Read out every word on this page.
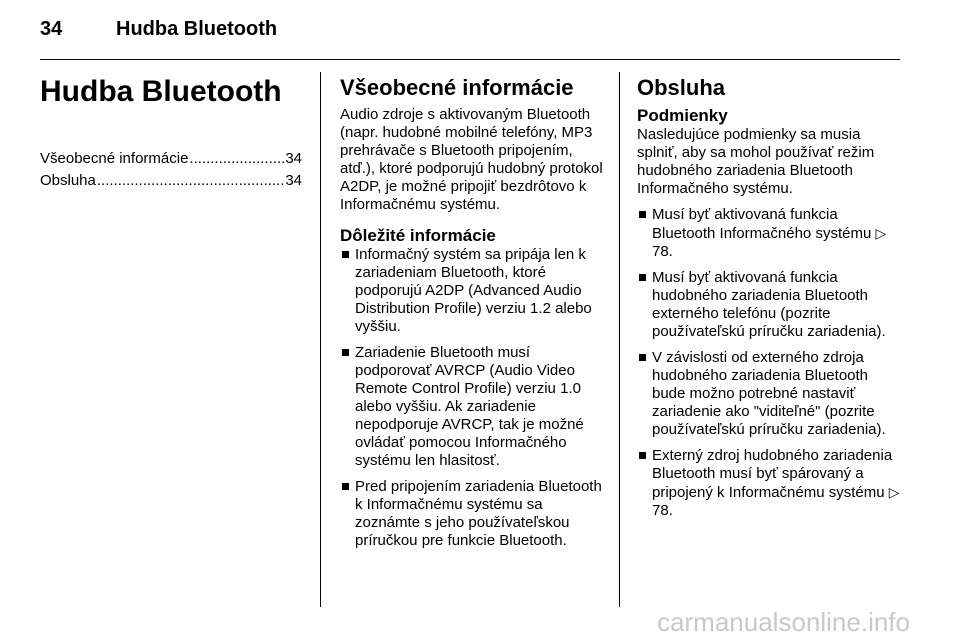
34	Hudba Bluetooth
Hudba Bluetooth
Všeobecné informácie .....	34
Obsluha .....	34
Všeobecné informácie

Audio zdroje s aktivovaným Bluetooth (napr. hudobné mobilné telefóny, MP3 prehrávače s Bluetooth pripojením, atď.), ktoré podporujú hudobný protokol A2DP, je možné pripojiť bezdrôtovo k Informačnému systému.

Dôležité informácie
Informačný systém sa pripája len k zariadeniam Bluetooth, ktoré podporujú A2DP (Advanced Audio Distribution Profile) verziu 1.2 alebo vyššiu.
Zariadenie Bluetooth musí podporovať AVRCP (Audio Video Remote Control Profile) verziu 1.0 alebo vyššiu. Ak zariadenie nepodporuje AVRCP, tak je možné ovládať pomocou Informačného systému len hlasitosť.
Pred pripojením zariadenia Bluetooth k Informačnému systému sa zoznámte s jeho používateľskou príručkou pre funkcie Bluetooth.
Obsluha
Podmienky

Nasledujúce podmienky sa musia splniť, aby sa mohol používať režim hudobného zariadenia Bluetooth Informačného systému.

Musí byť aktivovaná funkcia Bluetooth Informačného systému ▷ 78.
Musí byť aktivovaná funkcia hudobného zariadenia Bluetooth externého telefónu (pozrite používateľskú príručku zariadenia).
V závislosti od externého zdroja hudobného zariadenia Bluetooth bude možno potrebné nastaviť zariadenie ako "viditeľné" (pozrite používateľskú príručku zariadenia).
Externý zdroj hudobného zariadenia Bluetooth musí byť spárovaný a pripojený k Informačnému systému ▷ 78.
carmanualsonline.info
